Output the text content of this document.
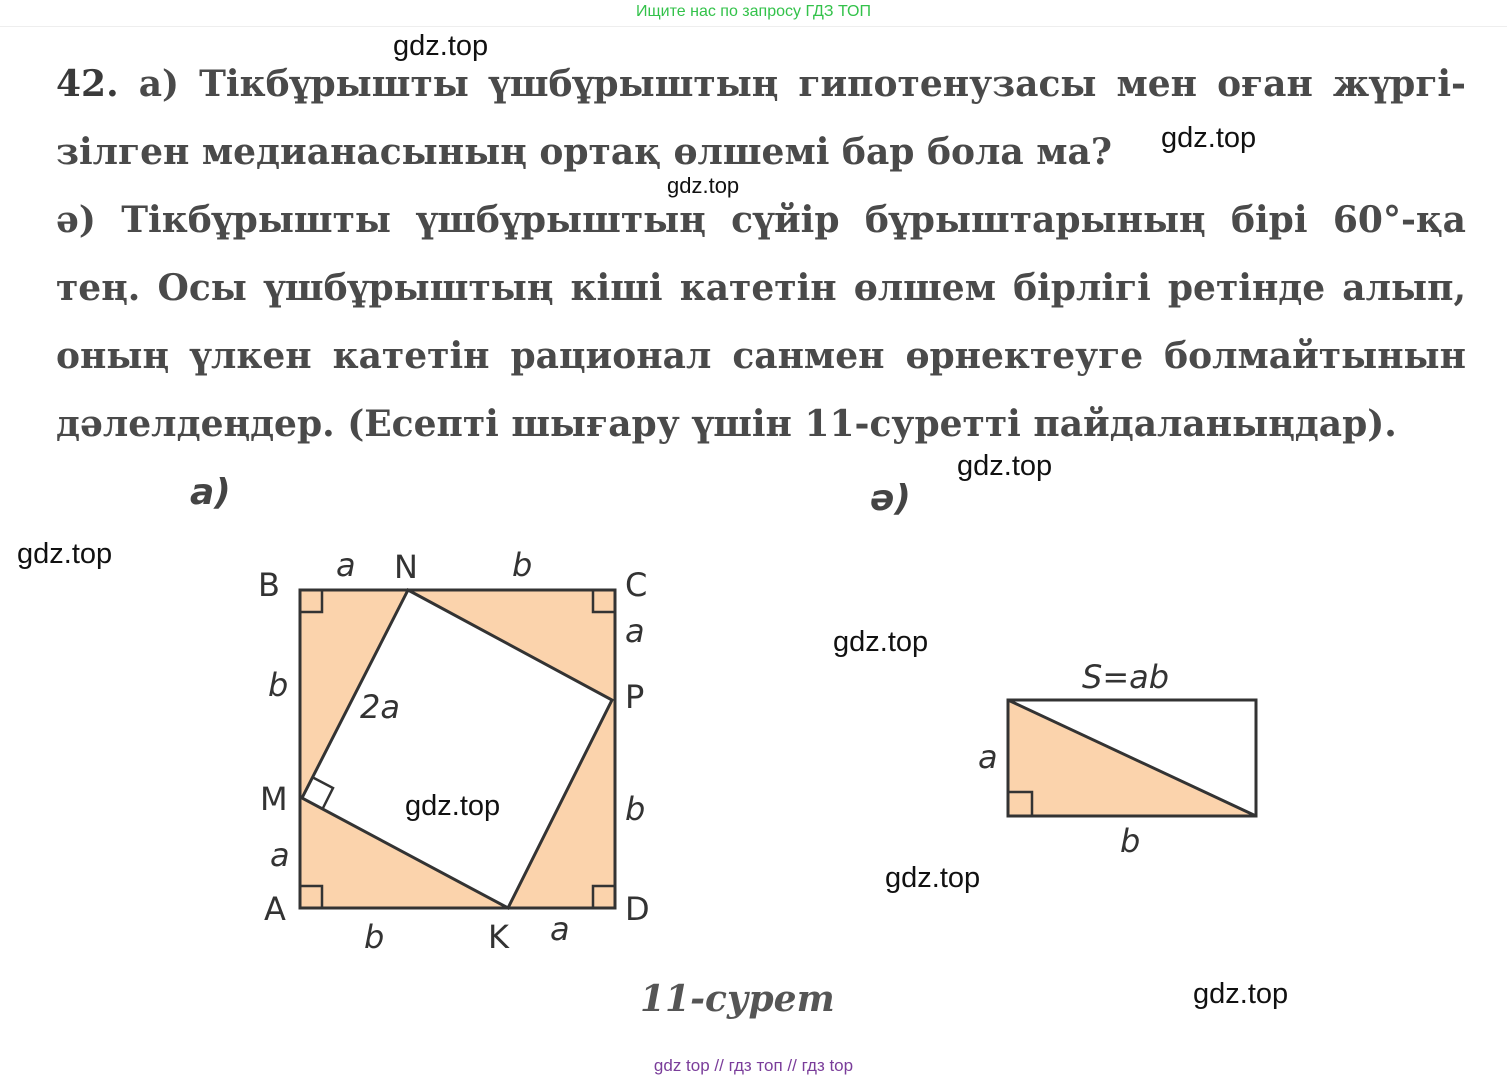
Ищите нас по запросу ГДЗ ТОП
42. а) Тікбұрышты үшбұрыштың гипотенузасы мен оған жүргі-
зілген медианасының ортақ өлшемі бар бола ма?
ә) Тікбұрышты үшбұрыштың сүйір бұрыштарының бірі 60°-қа
тең. Осы үшбұрыштың кіші катетін өлшем бірлігі ретінде алып,
оның үлкен катетін рационал санмен өрнектеуге болмайтынын
дәлелдеңдер. (Есепті шығару үшін 11-суретті пайдаланыңдар).
а)	ә)
B	N	C
P
M
A
K
D
a	b
a
b
b
a
b	a
2a
S=ab
a
b
11-сурет
gdz.top
gdz.top
gdz.top
gdz.top
gdz.top
gdz.top
gdz.top
gdz.top
gdz.top
gdz top // гдз топ // гдз top
